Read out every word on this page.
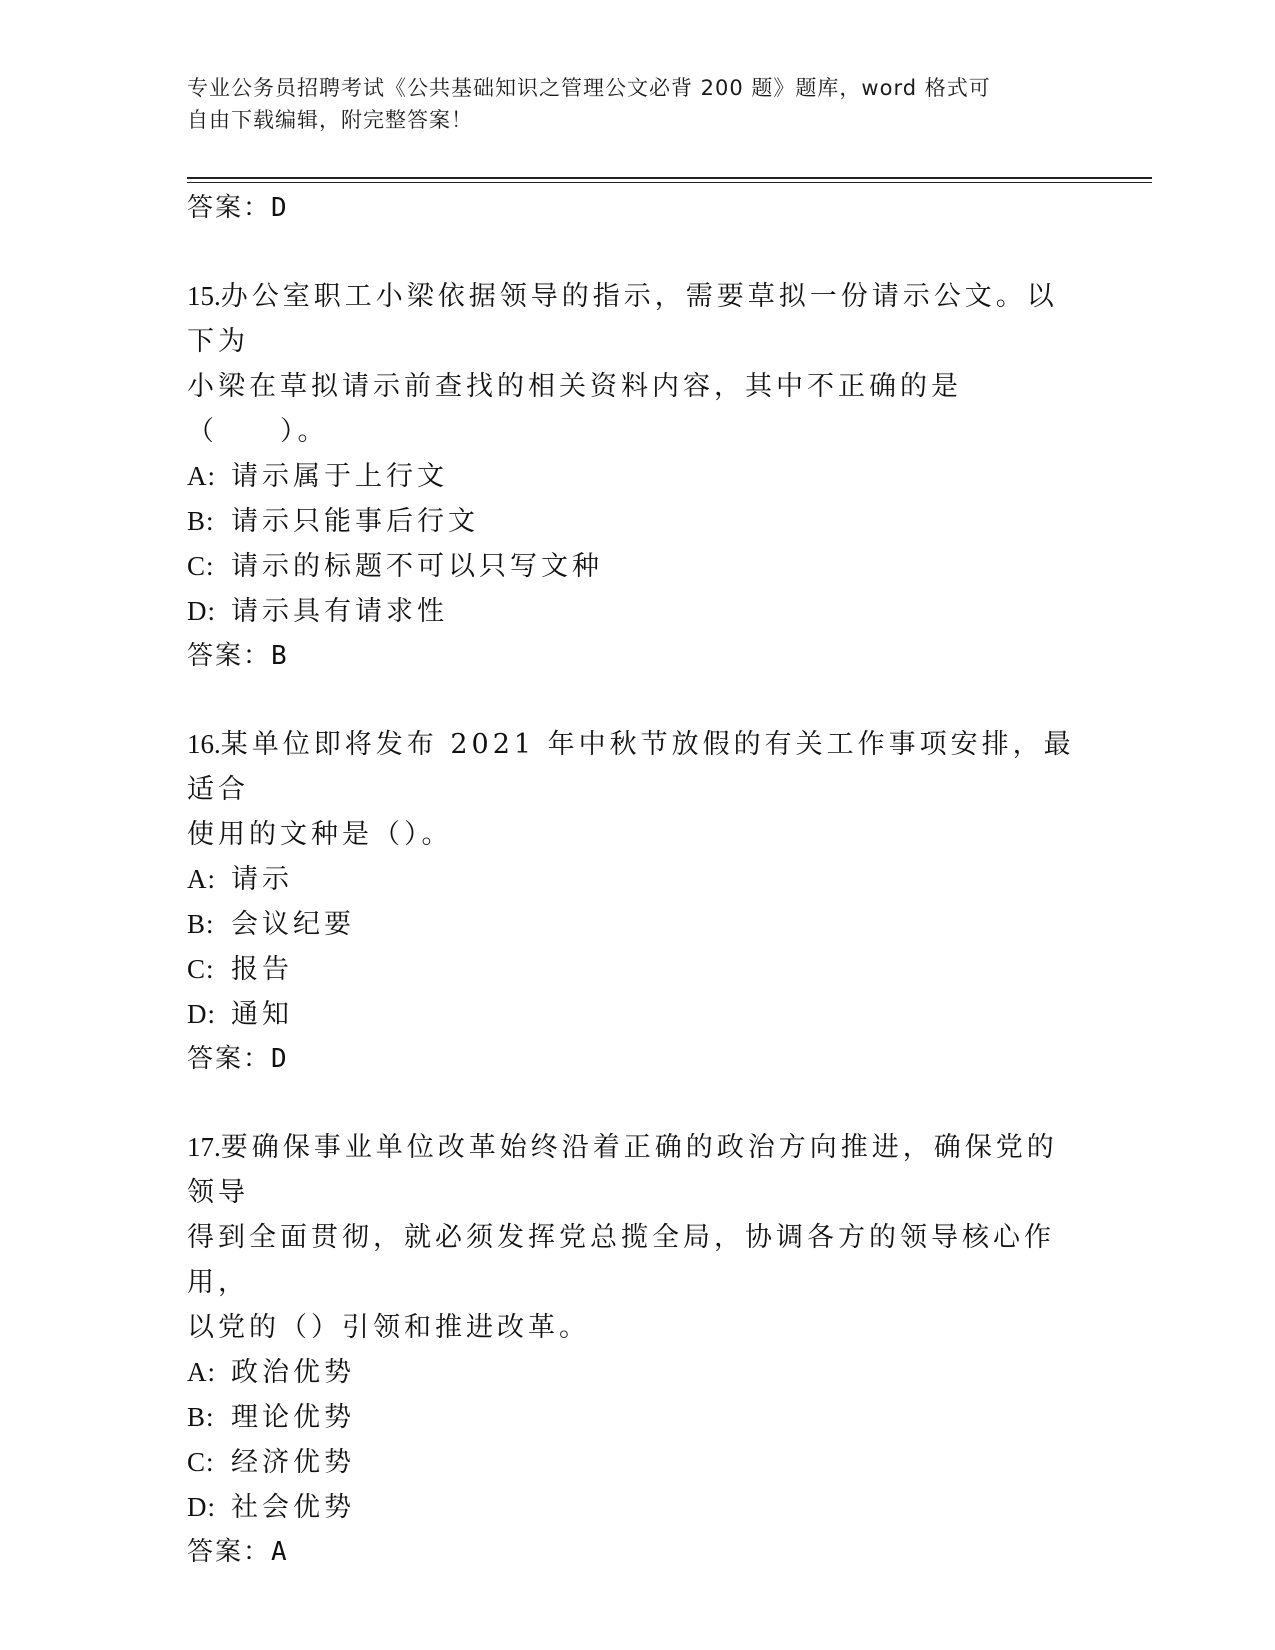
专业公务员招聘考试《公共基础知识之管理公文必背 200 题》题库，word 格式可
自由下载编辑，附完整答案！
答案：D
15.办公室职工小梁依据领导的指示，需要草拟一份请示公文。以下为
小梁在草拟请示前查找的相关资料内容，其中不正确的是（　　）。
A: 请示属于上行文
B: 请示只能事后行文
C: 请示的标题不可以只写文种
D: 请示具有请求性
答案：B
16.某单位即将发布 2021 年中秋节放假的有关工作事项安排，最适合
使用的文种是（）。
A: 请示
B: 会议纪要
C: 报告
D: 通知
答案：D
17.要确保事业单位改革始终沿着正确的政治方向推进，确保党的领导
得到全面贯彻，就必须发挥党总揽全局，协调各方的领导核心作用，
以党的（）引领和推进改革。
A: 政治优势
B: 理论优势
C: 经济优势
D: 社会优势
答案：A
